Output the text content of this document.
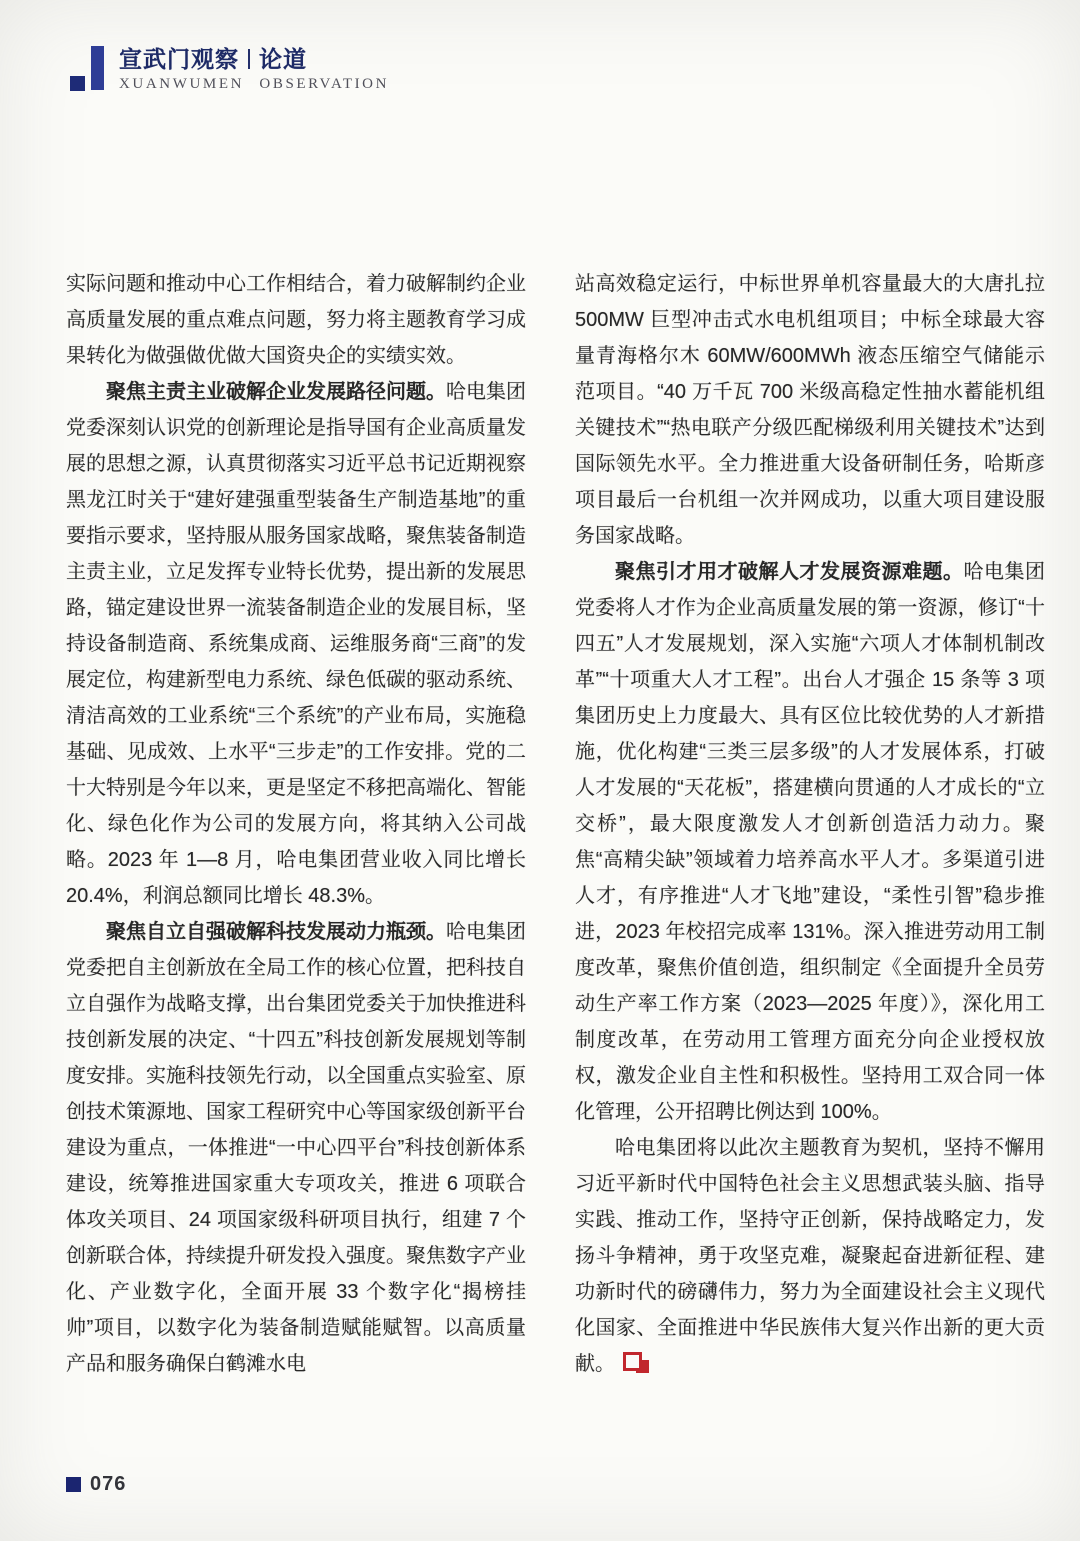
宣武门观察 论道
XUANWUMEN OBSERVATION

实际问题和推动中心工作相结合，着力破解制约企业高质量发展的重点难点问题，努力将主题教育学习成果转化为做强做优做大国资央企的实绩实效。

聚焦主责主业破解企业发展路径问题。哈电集团党委深刻认识党的创新理论是指导国有企业高质量发展的思想之源，认真贯彻落实习近平总书记近期视察黑龙江时关于“建好建强重型装备生产制造基地”的重要指示要求，坚持服从服务国家战略，聚焦装备制造主责主业，立足发挥专业特长优势，提出新的发展思路，锚定建设世界一流装备制造企业的发展目标，坚持设备制造商、系统集成商、运维服务商“三商”的发展定位，构建新型电力系统、绿色低碳的驱动系统、清洁高效的工业系统“三个系统”的产业布局，实施稳基础、见成效、上水平“三步走”的工作安排。党的二十大特别是今年以来，更是坚定不移把高端化、智能化、绿色化作为公司的发展方向，将其纳入公司战略。2023 年 1—8 月，哈电集团营业收入同比增长 20.4%，利润总额同比增长 48.3%。

聚焦自立自强破解科技发展动力瓶颈。哈电集团党委把自主创新放在全局工作的核心位置，把科技自立自强作为战略支撑，出台集团党委关于加快推进科技创新发展的决定、“十四五”科技创新发展规划等制度安排。实施科技领先行动，以全国重点实验室、原创技术策源地、国家工程研究中心等国家级创新平台建设为重点，一体推进“一中心四平台”科技创新体系建设，统筹推进国家重大专项攻关，推进 6 项联合体攻关项目、24 项国家级科研项目执行，组建 7 个创新联合体，持续提升研发投入强度。聚焦数字产业化、产业数字化，全面开展 33 个数字化“揭榜挂帅”项目，以数字化为装备制造赋能赋智。以高质量产品和服务确保白鹤滩水电

站高效稳定运行，中标世界单机容量最大的大唐扎拉 500MW 巨型冲击式水电机组项目；中标全球最大容量青海格尔木 60MW/600MWh 液态压缩空气储能示范项目。“40 万千瓦 700 米级高稳定性抽水蓄能机组关键技术”“热电联产分级匹配梯级利用关键技术”达到国际领先水平。全力推进重大设备研制任务，哈斯彦项目最后一台机组一次并网成功，以重大项目建设服务国家战略。

聚焦引才用才破解人才发展资源难题。哈电集团党委将人才作为企业高质量发展的第一资源，修订“十四五”人才发展规划，深入实施“六项人才体制机制改革”“十项重大人才工程”。出台人才强企 15 条等 3 项集团历史上力度最大、具有区位比较优势的人才新措施，优化构建“三类三层多级”的人才发展体系，打破人才发展的“天花板”，搭建横向贯通的人才成长的“立交桥”，最大限度激发人才创新创造活力动力。聚焦“高精尖缺”领域着力培养高水平人才。多渠道引进人才，有序推进“人才飞地”建设，“柔性引智”稳步推进，2023 年校招完成率 131%。深入推进劳动用工制度改革，聚焦价值创造，组织制定《全面提升全员劳动生产率工作方案（2023—2025 年度）》，深化用工制度改革，在劳动用工管理方面充分向企业授权放权，激发企业自主性和积极性。坚持用工双合同一体化管理，公开招聘比例达到 100%。

哈电集团将以此次主题教育为契机，坚持不懈用习近平新时代中国特色社会主义思想武装头脑、指导实践、推动工作，坚持守正创新，保持战略定力，发扬斗争精神，勇于攻坚克难，凝聚起奋进新征程、建功新时代的磅礴伟力，努力为全面建设社会主义现代化国家、全面推进中华民族伟大复兴作出新的更大贡献。

076
